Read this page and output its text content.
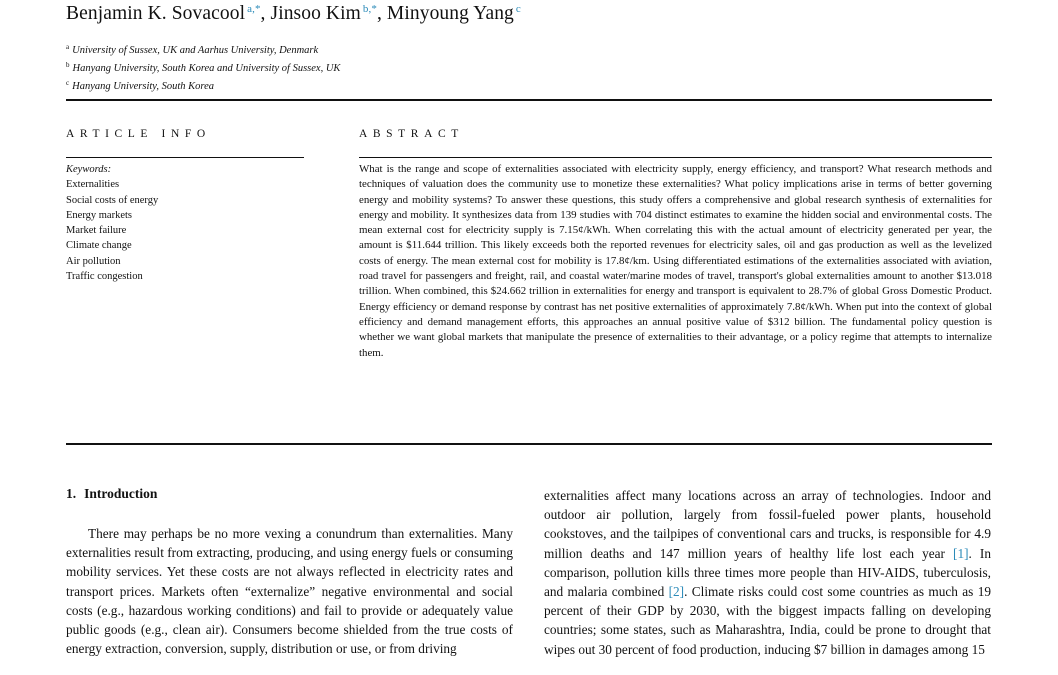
Benjamin K. Sovacool $^{a,*}$, Jinsoo Kim $^{b,*}$, Minyoung Yang $^c$
$^a$ University of Sussex, UK and Aarhus University, Denmark
$^b$ Hanyang University, South Korea and University of Sussex, UK
$^c$ Hanyang University, South Korea
ARTICLE INFO
Keywords:
Externalities
Social costs of energy
Energy markets
Market failure
Climate change
Air pollution
Traffic congestion
ABSTRACT
What is the range and scope of externalities associated with electricity supply, energy efficiency, and transport? What research methods and techniques of valuation does the community use to monetize these externalities? What policy implications arise in terms of better governing energy and mobility systems? To answer these questions, this study offers a comprehensive and global research synthesis of externalities for energy and mobility. It synthesizes data from 139 studies with 704 distinct estimates to examine the hidden social and environmental costs. The mean external cost for electricity supply is 7.15¢/kWh. When correlating this with the actual amount of electricity generated per year, the amount is $11.644 trillion. This likely exceeds both the reported revenues for electricity sales, oil and gas production as well as the levelized costs of energy. The mean external cost for mobility is 17.8¢/km. Using differentiated estimations of the externalities associated with aviation, road travel for passengers and freight, rail, and coastal water/marine modes of travel, transport's global externalities amount to another $13.018 trillion. When combined, this $24.662 trillion in externalities for energy and transport is equivalent to 28.7% of global Gross Domestic Product. Energy efficiency or demand response by contrast has net positive externalities of approximately 7.8¢/kWh. When put into the context of global efficiency and demand management efforts, this approaches an annual positive value of $312 billion. The fundamental policy question is whether we want global markets that manipulate the presence of externalities to their advantage, or a policy regime that attempts to internalize them.
1. Introduction
There may perhaps be no more vexing a conundrum than externalities. Many externalities result from extracting, producing, and using energy fuels or consuming mobility services. Yet these costs are not always reflected in electricity rates and transport prices. Markets often “externalize” negative environmental and social costs (e.g., hazardous working conditions) and fail to provide or adequately value public goods (e.g., clean air). Consumers become shielded from the true costs of energy extraction, conversion, supply, distribution or use, or from driving
externalities affect many locations across an array of technologies. Indoor and outdoor air pollution, largely from fossil-fueled power plants, household cookstoves, and the tailpipes of conventional cars and trucks, is responsible for 4.9 million deaths and 147 million years of healthy life lost each year [1]. In comparison, pollution kills three times more people than HIV-AIDS, tuberculosis, and malaria combined [2]. Climate risks could cost some countries as much as 19 percent of their GDP by 2030, with the biggest impacts falling on developing countries; some states, such as Maharashtra, India, could be prone to drought that wipes out 30 percent of food production, inducing $7 billion in damages among 15
